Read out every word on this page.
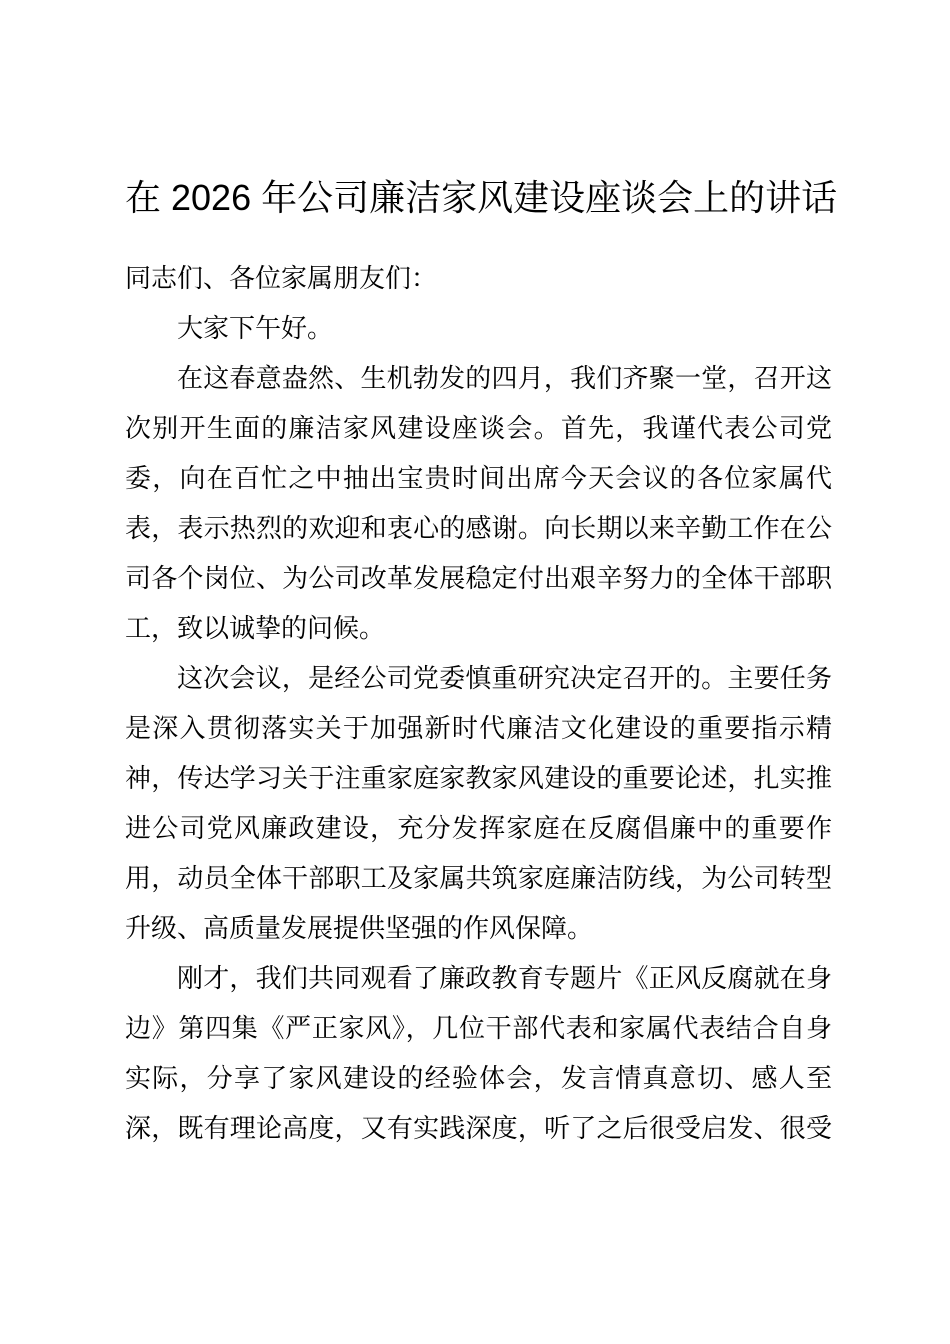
在 2026 年公司廉洁家风建设座谈会上的讲话
同志们、各位家属朋友们：
大家下午好。
在这春意盎然、生机勃发的四月，我们齐聚一堂，召开这
次别开生面的廉洁家风建设座谈会。首先，我谨代表公司党
委，向在百忙之中抽出宝贵时间出席今天会议的各位家属代
表，表示热烈的欢迎和衷心的感谢。向长期以来辛勤工作在公
司各个岗位、为公司改革发展稳定付出艰辛努力的全体干部职
工，致以诚挚的问候。
这次会议，是经公司党委慎重研究决定召开的。主要任务
是深入贯彻落实关于加强新时代廉洁文化建设的重要指示精
神，传达学习关于注重家庭家教家风建设的重要论述，扎实推
进公司党风廉政建设，充分发挥家庭在反腐倡廉中的重要作
用，动员全体干部职工及家属共筑家庭廉洁防线，为公司转型
升级、高质量发展提供坚强的作风保障。
刚才，我们共同观看了廉政教育专题片《正风反腐就在身
边》第四集《严正家风》，几位干部代表和家属代表结合自身
实际，分享了家风建设的经验体会，发言情真意切、感人至
深，既有理论高度，又有实践深度，听了之后很受启发、很受
